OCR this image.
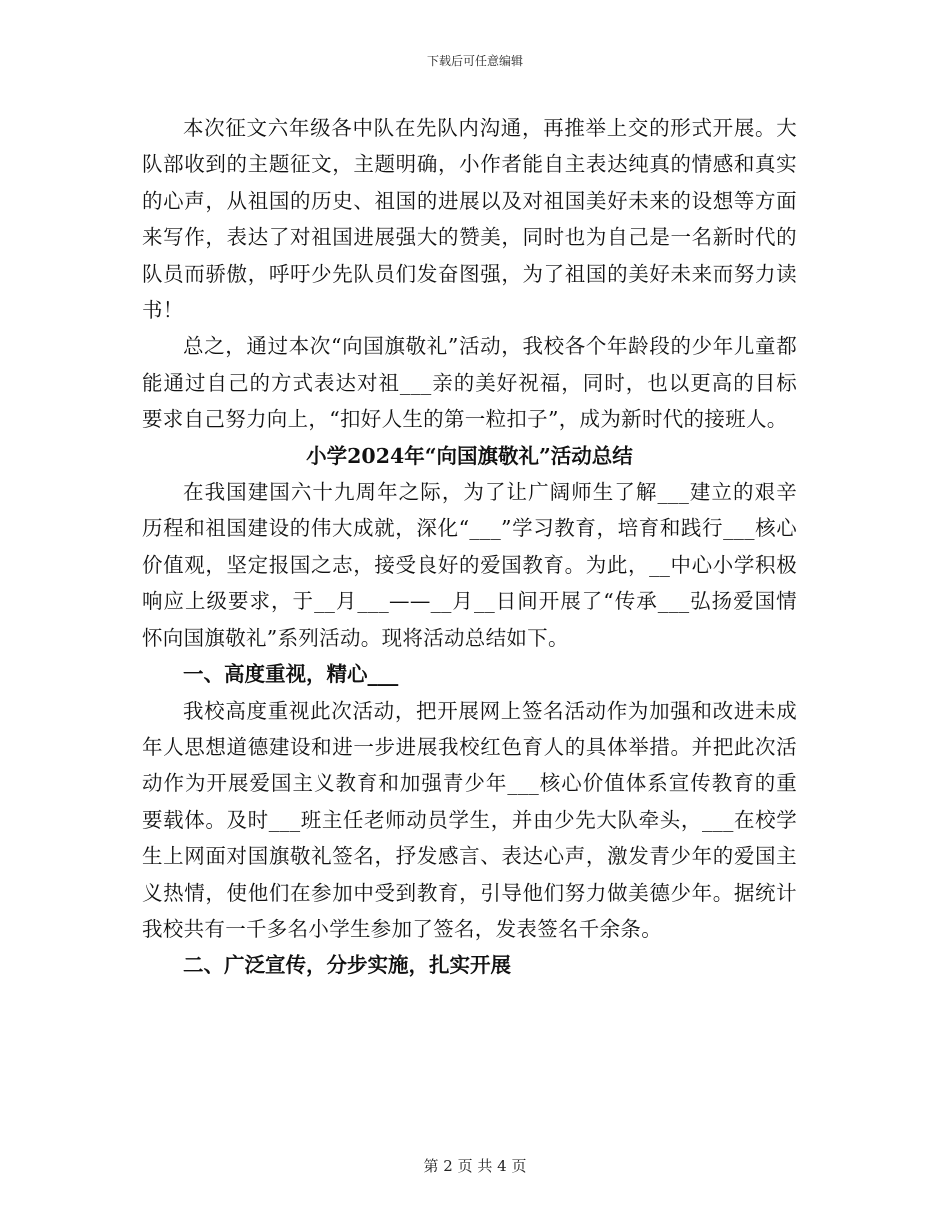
下载后可任意编辑

本次征文六年级各中队在先队内沟通，再推举上交的形式开展。大队部收到的主题征文，主题明确，小作者能自主表达纯真的情感和真实的心声，从祖国的历史、祖国的进展以及对祖国美好未来的设想等方面来写作，表达了对祖国进展强大的赞美，同时也为自己是一名新时代的队员而骄傲，呼吁少先队员们发奋图强，为了祖国的美好未来而努力读书！

总之，通过本次“向国旗敬礼”活动，我校各个年龄段的少年儿童都能通过自己的方式表达对祖___亲的美好祝福，同时，也以更高的目标要求自己努力向上，“扣好人生的第一粒扣子”，成为新时代的接班人。

小学2024年“向国旗敬礼”活动总结

在我国建国六十九周年之际，为了让广阔师生了解___建立的艰辛历程和祖国建设的伟大成就，深化“___”学习教育，培育和践行___核心价值观，坚定报国之志，接受良好的爱国教育。为此，__中心小学积极响应上级要求，于__月___——__月__日间开展了“传承___弘扬爱国情怀向国旗敬礼”系列活动。现将活动总结如下。

一、高度重视，精心___

我校高度重视此次活动，把开展网上签名活动作为加强和改进未成年人思想道德建设和进一步进展我校红色育人的具体举措。并把此次活动作为开展爱国主义教育和加强青少年___核心价值体系宣传教育的重要载体。及时___班主任老师动员学生，并由少先大队牵头，___在校学生上网面对国旗敬礼签名，抒发感言、表达心声，激发青少年的爱国主义热情，使他们在参加中受到教育，引导他们努力做美德少年。据统计我校共有一千多名小学生参加了签名，发表签名千余条。

二、广泛宣传，分步实施，扎实开展

第 2 页 共 4 页
